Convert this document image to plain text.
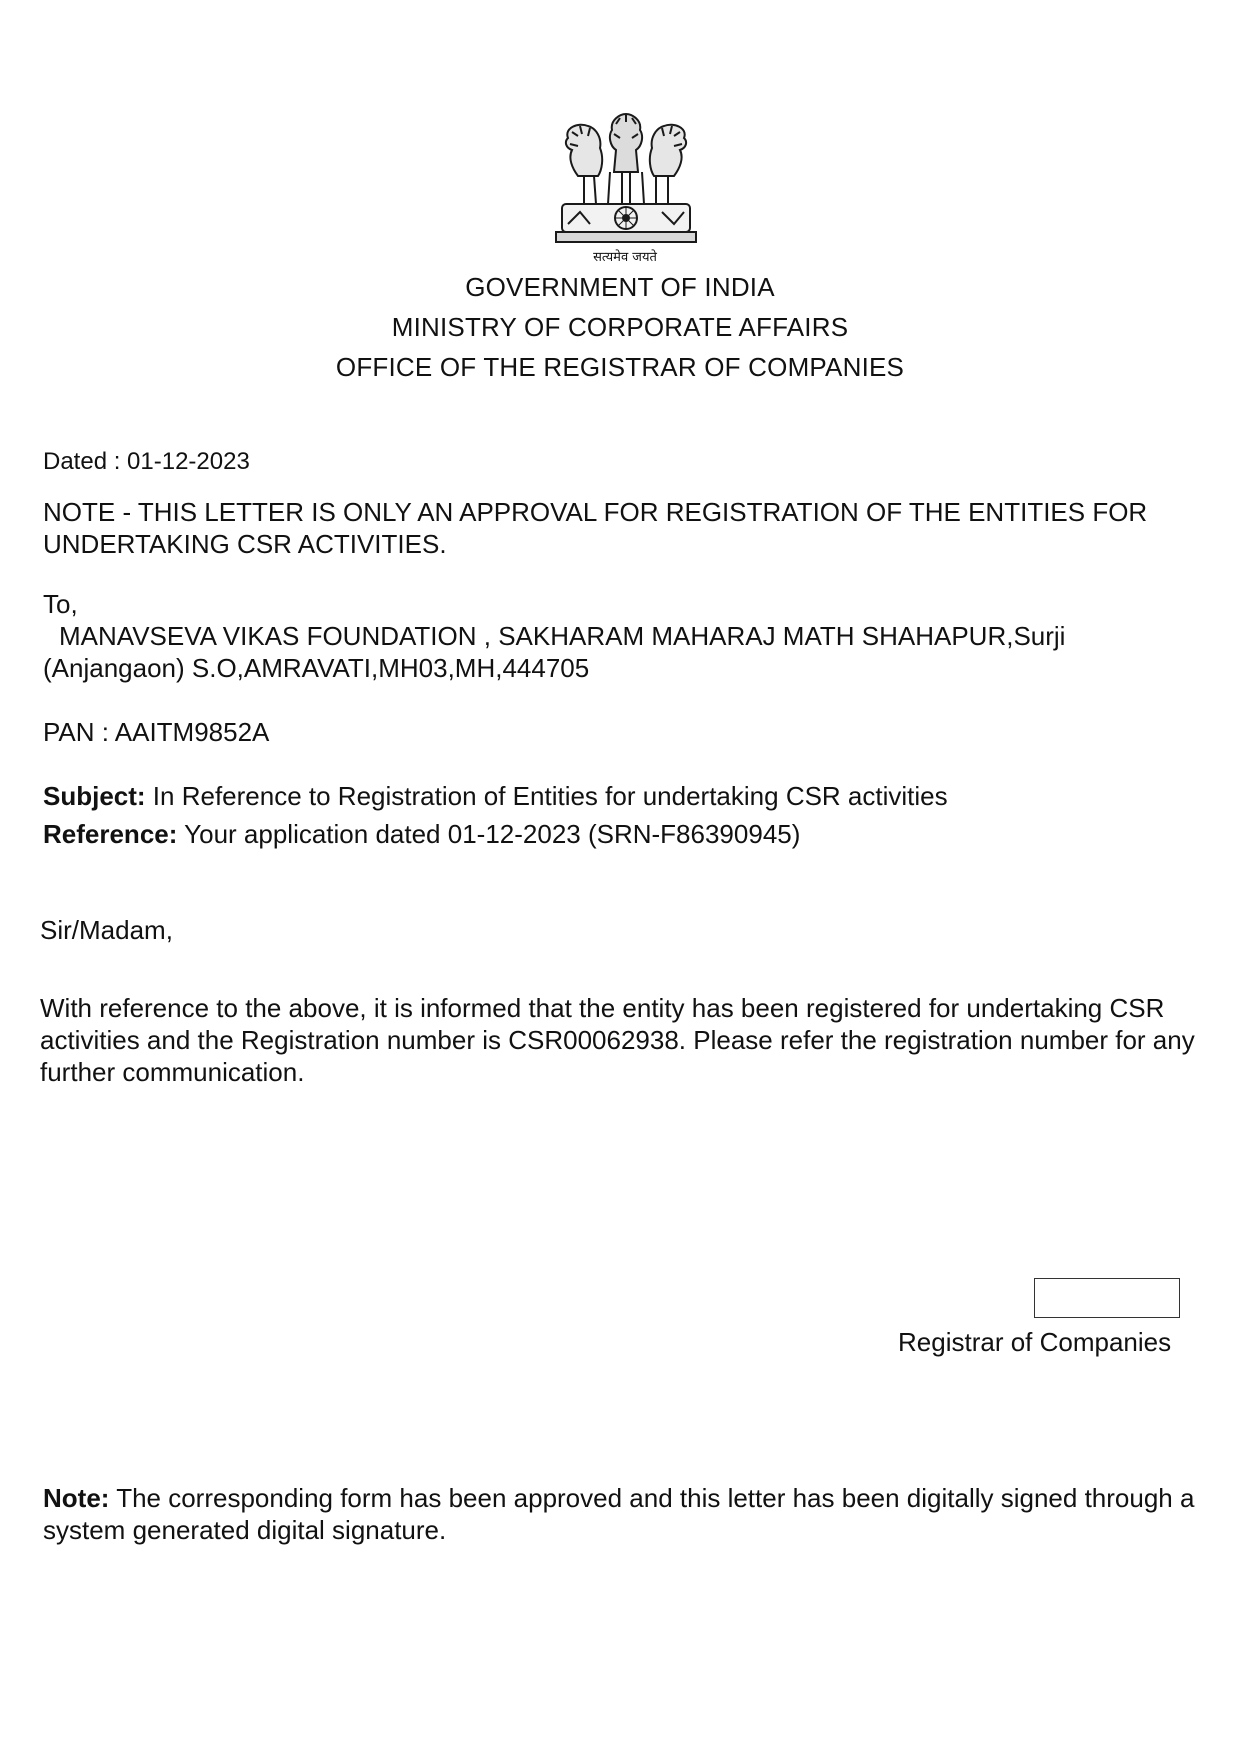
सत्यमेव जयते
GOVERNMENT OF INDIA
MINISTRY OF CORPORATE AFFAIRS
OFFICE OF THE REGISTRAR OF COMPANIES
Dated : 01-12-2023
NOTE - THIS LETTER IS ONLY AN APPROVAL FOR REGISTRATION OF THE ENTITIES FOR UNDERTAKING CSR ACTIVITIES.
To,
MANAVSEVA VIKAS FOUNDATION , SAKHARAM MAHARAJ MATH SHAHAPUR,Surji (Anjangaon) S.O,AMRAVATI,MH03,MH,444705
PAN : AAITM9852A
Subject: In Reference to Registration of Entities for undertaking CSR activities
Reference: Your application dated 01-12-2023 (SRN-F86390945)
Sir/Madam,
With reference to the above, it is informed that the entity has been registered for undertaking CSR activities and the Registration number is CSR00062938. Please refer the registration number for any further communication.
Registrar of Companies
Note: The corresponding form has been approved and this letter has been digitally signed through a system generated digital signature.
